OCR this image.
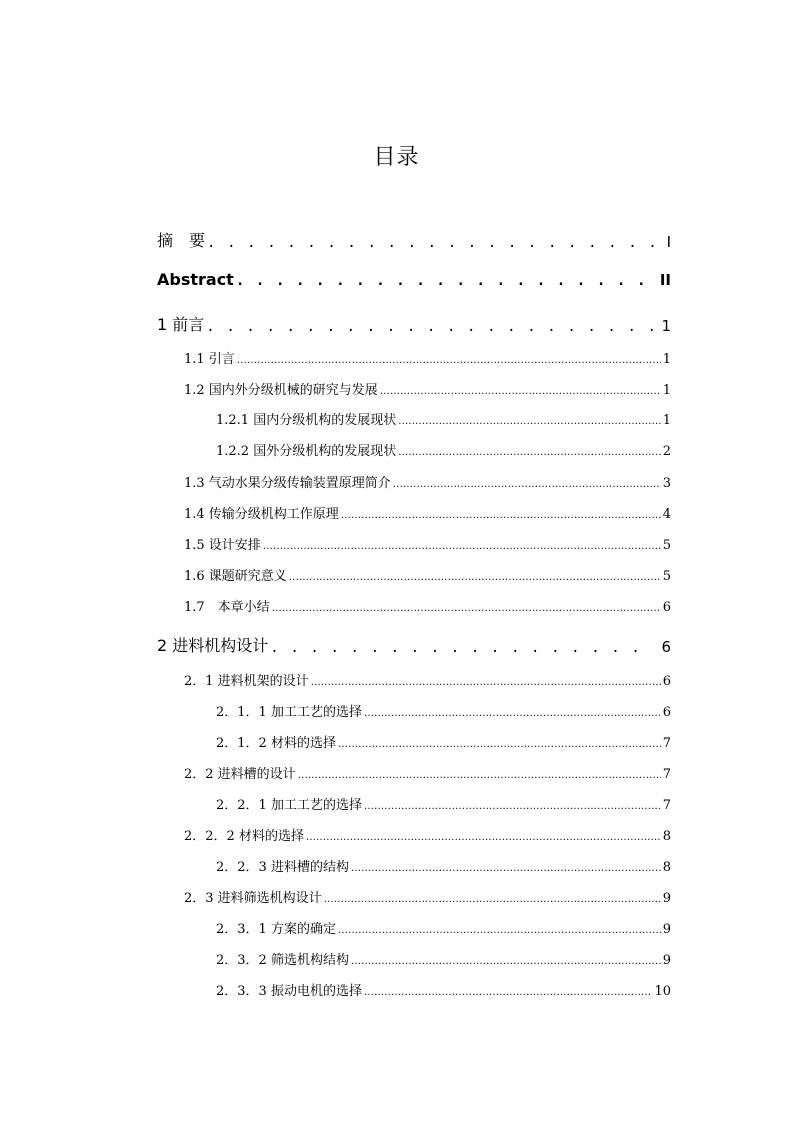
目录
摘　要 . . .	I
Abstract . . .	II
1 前言 . . .	1
1.1 引言 .....	1
1.2 国内外分级机械的研究与发展 .....	1
1.2.1 国内分级机构的发展现状 .....	1
1.2.2 国外分级机构的发展现状 .....	2
1.3 气动水果分级传输装置原理简介 .....	3
1.4 传输分级机构工作原理 .....	4
1.5 设计安排 .....	5
1.6 课题研究意义 .....	5
1.7　本章小结 .....	6
2 进料机构设计 . . .	6
2．1 进料机架的设计 .....	6
2．1．1 加工工艺的选择 .....	6
2．1．2 材料的选择 .....	7
2．2 进料槽的设计 .....	7
2．2．1 加工工艺的选择 .....	7
2．2．2 材料的选择 .....	8
2．2．3 进料槽的结构 .....	8
2．3 进料筛选机构设计 .....	9
2．3．1 方案的确定 .....	9
2．3．2 筛选机构结构 .....	9
2．3．3 振动电机的选择 .....	10
